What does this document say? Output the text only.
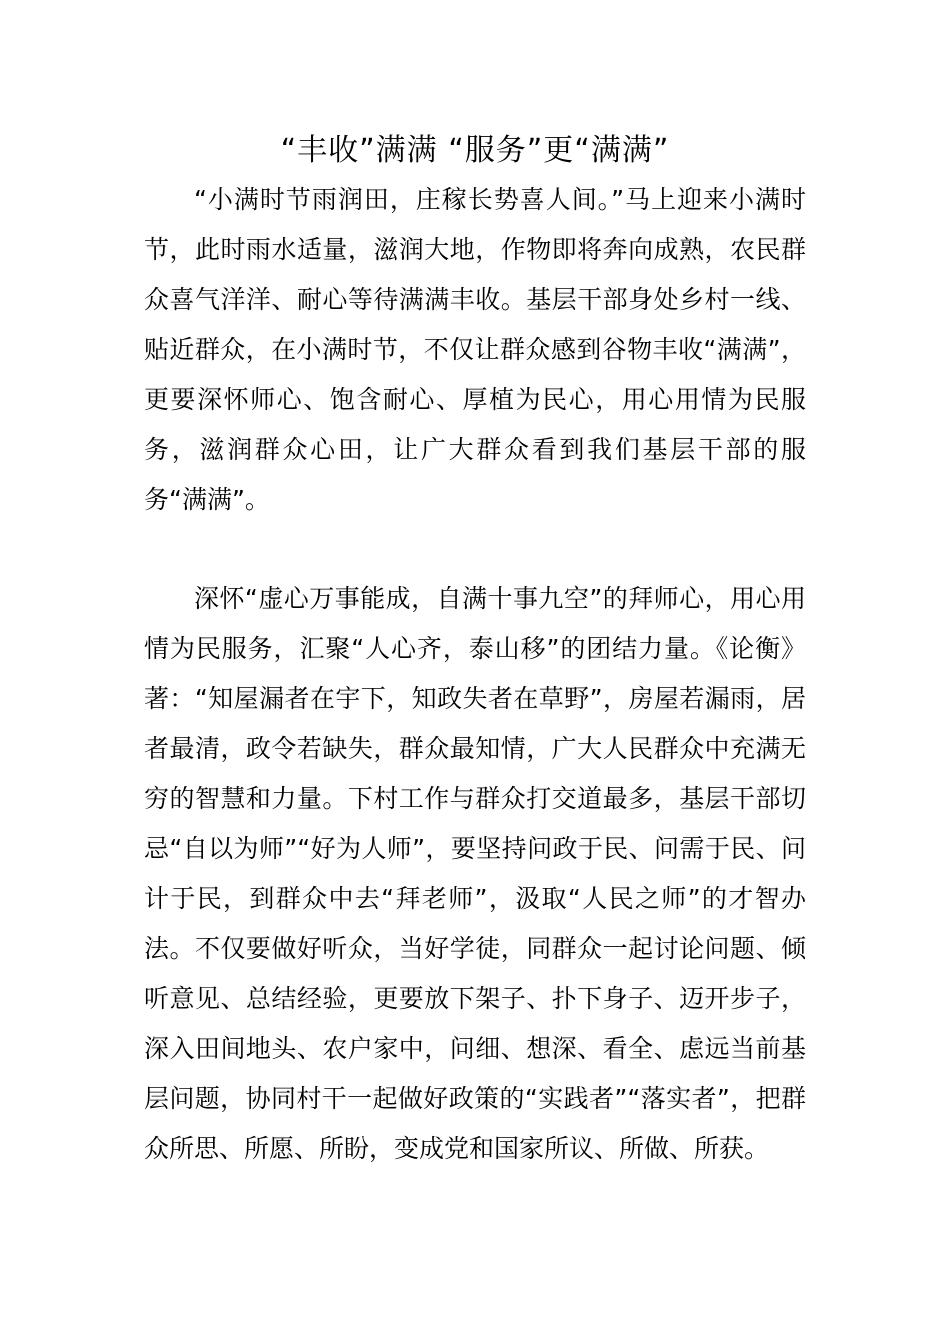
“丰收”满满 “服务”更“满满”

“小满时节雨润田，庄稼长势喜人间。”马上迎来小满时节，此时雨水适量，滋润大地，作物即将奔向成熟，农民群众喜气洋洋、耐心等待满满丰收。基层干部身处乡村一线、贴近群众，在小满时节，不仅让群众感到谷物丰收“满满”，更要深怀师心、饱含耐心、厚植为民心，用心用情为民服务，滋润群众心田，让广大群众看到我们基层干部的服务“满满”。

深怀“虚心万事能成，自满十事九空”的拜师心，用心用情为民服务，汇聚“人心齐，泰山移”的团结力量。《论衡》著：“知屋漏者在宇下，知政失者在草野”，房屋若漏雨，居者最清，政令若缺失，群众最知情，广大人民群众中充满无穷的智慧和力量。下村工作与群众打交道最多，基层干部切忌“自以为师”“好为人师”，要坚持问政于民、问需于民、问计于民，到群众中去“拜老师”，汲取“人民之师”的才智办法。不仅要做好听众，当好学徒，同群众一起讨论问题、倾听意见、总结经验，更要放下架子、扑下身子、迈开步子，深入田间地头、农户家中，问细、想深、看全、虑远当前基层问题，协同村干一起做好政策的“实践者”“落实者”，把群众所思、所愿、所盼，变成党和国家所议、所做、所获。
